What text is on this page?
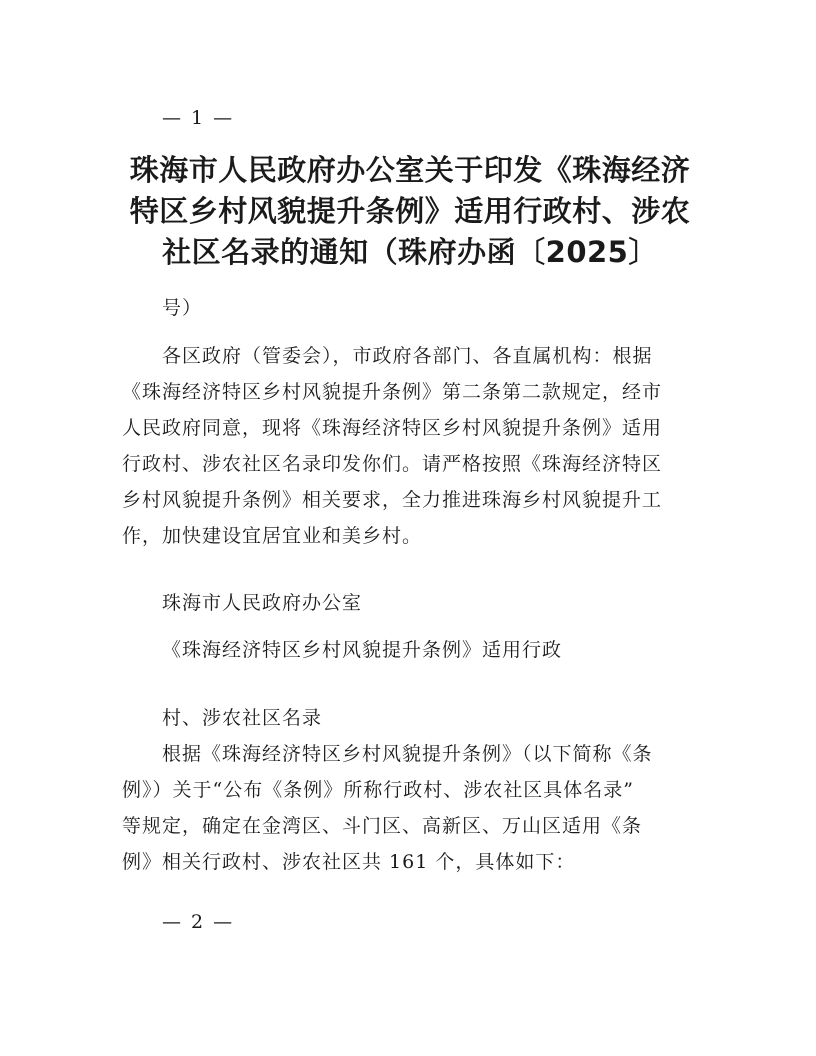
— 1 —
珠海市人民政府办公室关于印发《珠海经济
特区乡村风貌提升条例》适用行政村、涉农
社区名录的通知（珠府办函〔2025〕
号）
各区政府（管委会），市政府各部门、各直属机构：根据
《珠海经济特区乡村风貌提升条例》第二条第二款规定，经市
人民政府同意，现将《珠海经济特区乡村风貌提升条例》适用
行政村、涉农社区名录印发你们。请严格按照《珠海经济特区
乡村风貌提升条例》相关要求，全力推进珠海乡村风貌提升工
作，加快建设宜居宜业和美乡村。
珠海市人民政府办公室
《珠海经济特区乡村风貌提升条例》适用行政
村、涉农社区名录
根据《珠海经济特区乡村风貌提升条例》（以下简称《条
例》）关于“公布《条例》所称行政村、涉农社区具体名录”
等规定，确定在金湾区、斗门区、高新区、万山区适用《条
例》相关行政村、涉农社区共 161 个，具体如下：
— 2 —
